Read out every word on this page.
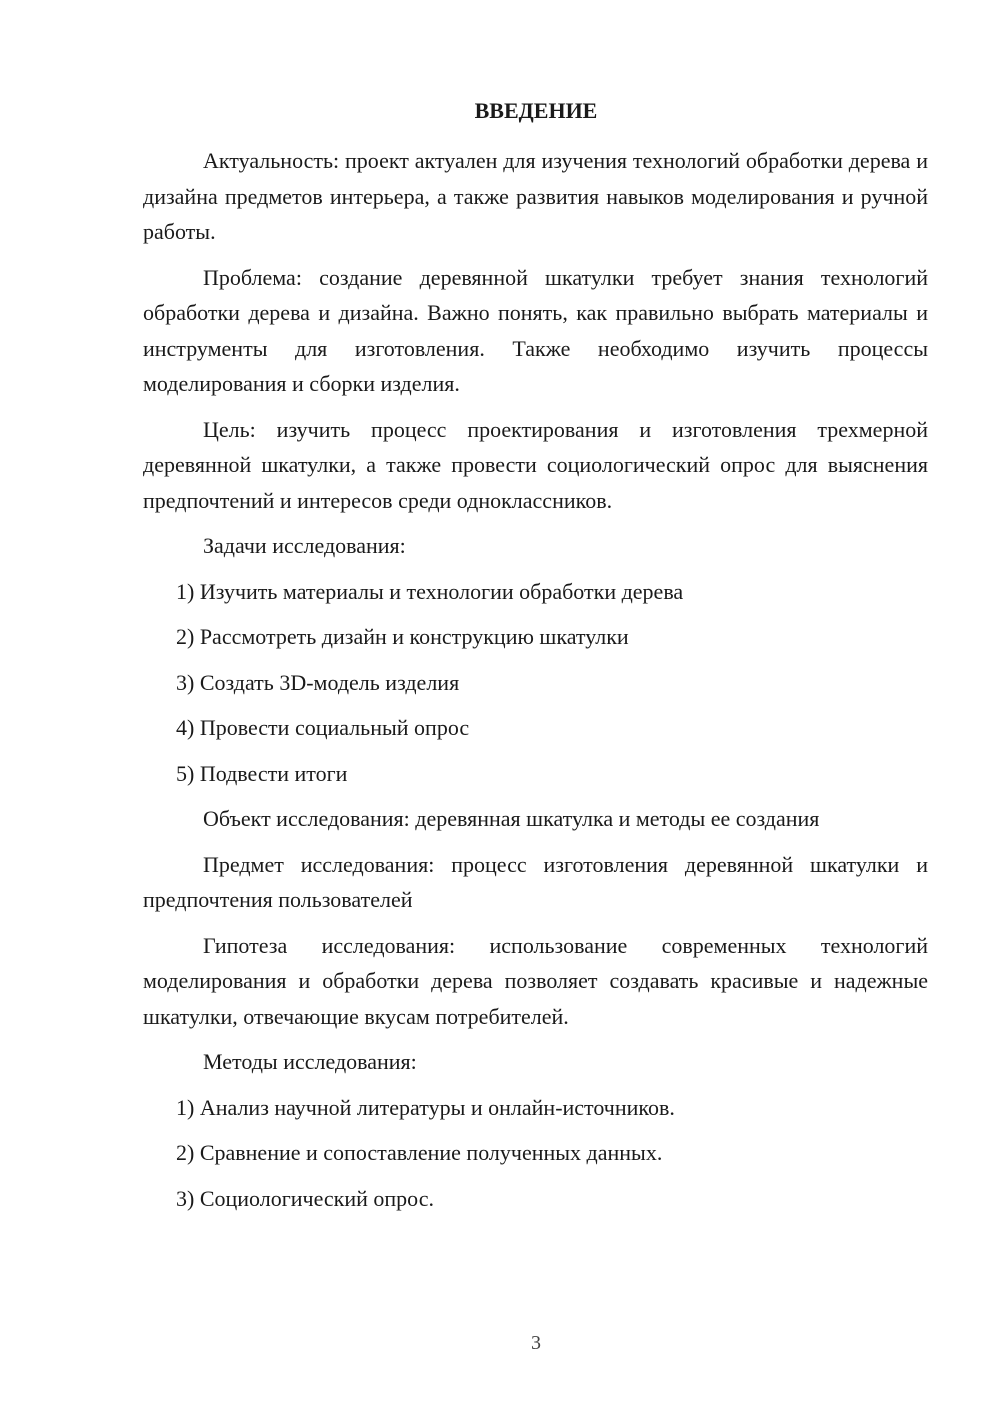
ВВЕДЕНИЕ

Актуальность: проект актуален для изучения технологий обработки дерева и дизайна предметов интерьера, а также развития навыков моделирования и ручной работы.

Проблема: создание деревянной шкатулки требует знания технологий обработки дерева и дизайна. Важно понять, как правильно выбрать материалы и инструменты для изготовления. Также необходимо изучить процессы моделирования и сборки изделия.

Цель: изучить процесс проектирования и изготовления трехмерной деревянной шкатулки, а также провести социологический опрос для выяснения предпочтений и интересов среди одноклассников.

Задачи исследования:

1) Изучить материалы и технологии обработки дерева
2) Рассмотреть дизайн и конструкцию шкатулки
3) Создать 3D-модель изделия
4) Провести социальный опрос
5) Подвести итоги

Объект исследования: деревянная шкатулка и методы ее создания

Предмет исследования: процесс изготовления деревянной шкатулки и предпочтения пользователей

Гипотеза исследования: использование современных технологий моделирования и обработки дерева позволяет создавать красивые и надежные шкатулки, отвечающие вкусам потребителей.

Методы исследования:

1) Анализ научной литературы и онлайн-источников.
2) Сравнение и сопоставление полученных данных.
3) Социологический опрос.
3
